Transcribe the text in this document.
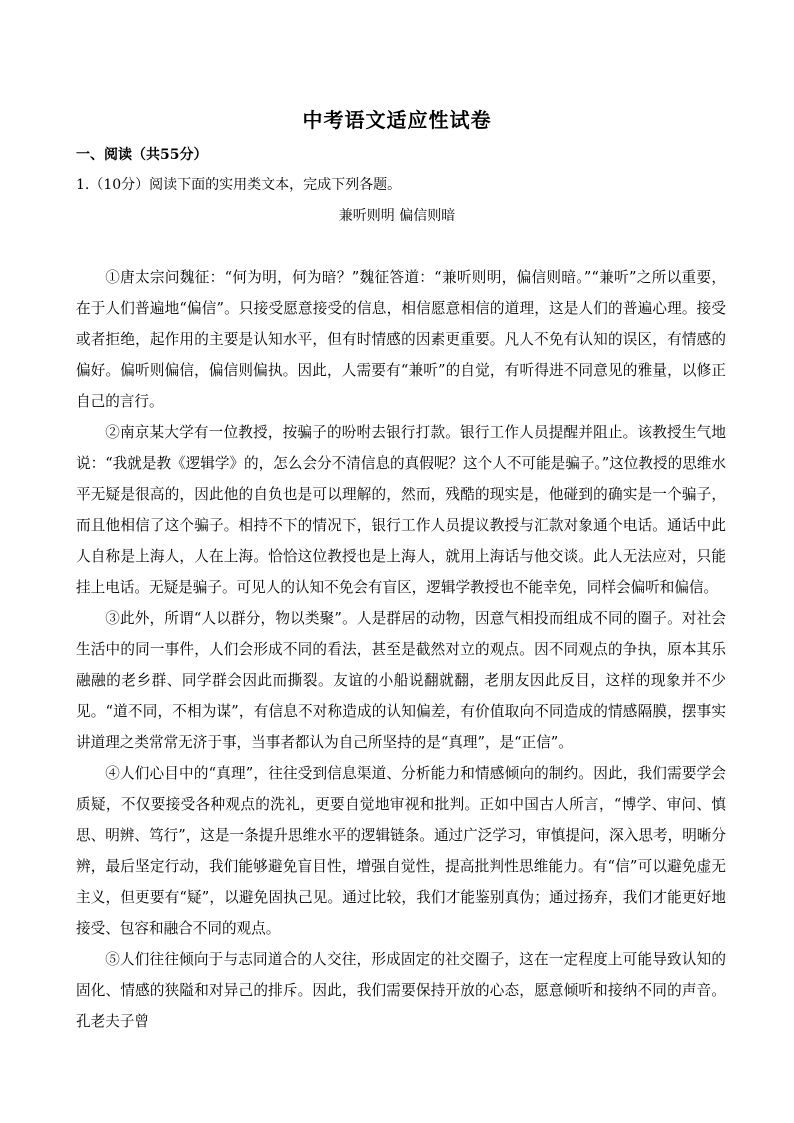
中考语文适应性试卷
一、阅读（共55分）
1.（10分）阅读下面的实用类文本，完成下列各题。
兼听则明 偏信则暗

①唐太宗问魏征：“何为明，何为暗？”魏征答道：“兼听则明，偏信则暗。”“兼听”之所以重要，在于人们普遍地“偏信”。只接受愿意接受的信息，相信愿意相信的道理，这是人们的普遍心理。接受或者拒绝，起作用的主要是认知水平，但有时情感的因素更重要。凡人不免有认知的误区，有情感的偏好。偏听则偏信，偏信则偏执。因此，人需要有“兼听”的自觉，有听得进不同意见的雅量，以修正自己的言行。

②南京某大学有一位教授，按骗子的吩咐去银行打款。银行工作人员提醒并阻止。该教授生气地说：“我就是教《逻辑学》的，怎么会分不清信息的真假呢？这个人不可能是骗子。”这位教授的思维水平无疑是很高的，因此他的自负也是可以理解的，然而，残酷的现实是，他碰到的确实是一个骗子，而且他相信了这个骗子。相持不下的情况下，银行工作人员提议教授与汇款对象通个电话。通话中此人自称是上海人，人在上海。恰恰这位教授也是上海人，就用上海话与他交谈。此人无法应对，只能挂上电话。无疑是骗子。可见人的认知不免会有盲区，逻辑学教授也不能幸免，同样会偏听和偏信。

③此外，所谓“人以群分，物以类聚”。人是群居的动物，因意气相投而组成不同的圈子。对社会生活中的同一事件，人们会形成不同的看法，甚至是截然对立的观点。因不同观点的争执，原本其乐融融的老乡群、同学群会因此而撕裂。友谊的小船说翻就翻，老朋友因此反目，这样的现象并不少见。“道不同，不相为谋”，有信息不对称造成的认知偏差，有价值取向不同造成的情感隔膜，摆事实讲道理之类常常无济于事，当事者都认为自己所坚持的是“真理”，是“正信”。

④人们心目中的“真理”，往往受到信息渠道、分析能力和情感倾向的制约。因此，我们需要学会质疑，不仅要接受各种观点的洗礼，更要自觉地审视和批判。正如中国古人所言，“博学、审问、慎思、明辨、笃行”，这是一条提升思维水平的逻辑链条。通过广泛学习，审慎提问，深入思考，明晰分辨，最后坚定行动，我们能够避免盲目性，增强自觉性，提高批判性思维能力。有“信”可以避免虚无主义，但更要有“疑”，以避免固执己见。通过比较，我们才能鉴别真伪；通过扬弃，我们才能更好地接受、包容和融合不同的观点。

⑤人们往往倾向于与志同道合的人交往，形成固定的社交圈子，这在一定程度上可能导致认知的固化、情感的狭隘和对异己的排斥。因此，我们需要保持开放的心态，愿意倾听和接纳不同的声音。孔老夫子曾
